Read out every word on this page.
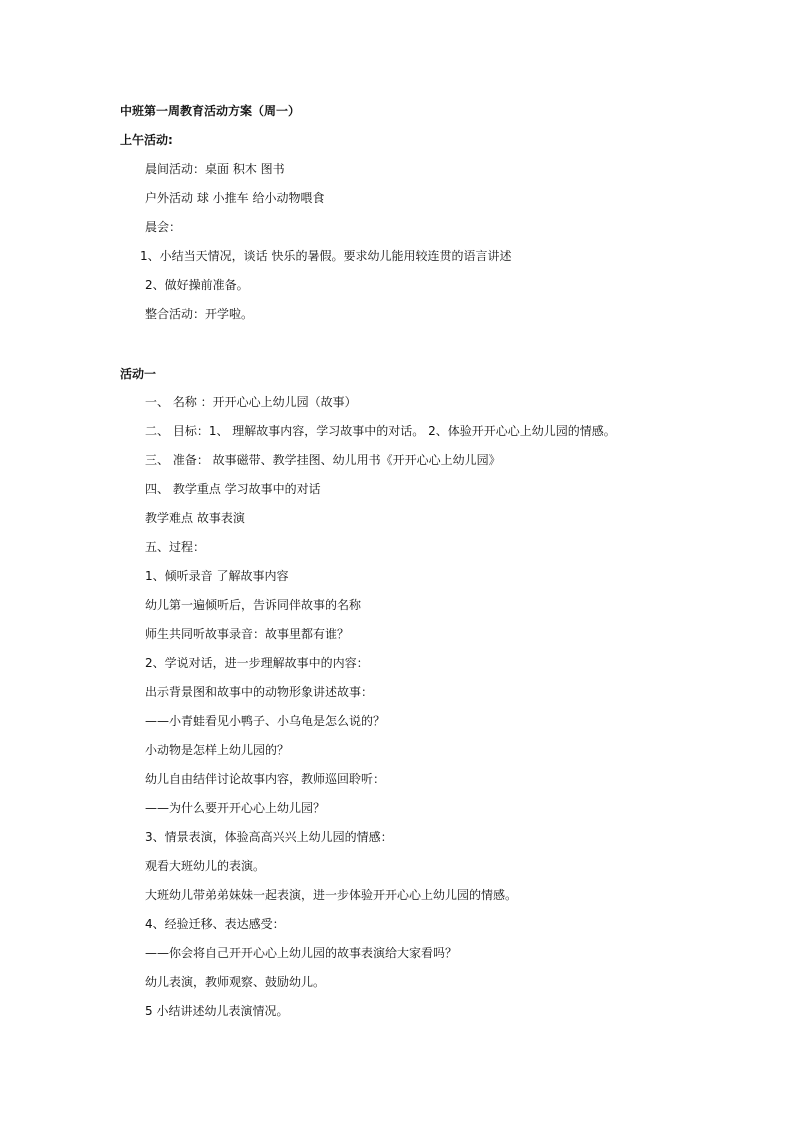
中班第一周教育活动方案（周一）
上午活动:
晨间活动：桌面 积木 图书
户外活动 球 小推车 给小动物喂食
晨会：
1、小结当天情况，谈话 快乐的暑假。要求幼儿能用较连贯的语言讲述
2、做好操前准备。
整合活动：开学啦。
活动一
一、 名称 ：开开心心上幼儿园（故事）
二、 目标：1、 理解故事内容，学习故事中的对话。 2、体验开开心心上幼儿园的情感。
三、 准备： 故事磁带、教学挂图、幼儿用书《开开心心上幼儿园》
四、 教学重点 学习故事中的对话
教学难点 故事表演
五、过程：
1、倾听录音 了解故事内容
幼儿第一遍倾听后，告诉同伴故事的名称
师生共同听故事录音：故事里都有谁？
2、学说对话，进一步理解故事中的内容：
出示背景图和故事中的动物形象讲述故事：
——小青蛙看见小鸭子、小乌龟是怎么说的？
小动物是怎样上幼儿园的？
幼儿自由结伴讨论故事内容，教师巡回聆听：
——为什么要开开心心上幼儿园？
3、情景表演，体验高高兴兴上幼儿园的情感：
观看大班幼儿的表演。
大班幼儿带弟弟妹妹一起表演，进一步体验开开心心上幼儿园的情感。
4、经验迁移、表达感受：
——你会将自己开开心心上幼儿园的故事表演给大家看吗？
幼儿表演，教师观察、鼓励幼儿。
5 小结讲述幼儿表演情况。
